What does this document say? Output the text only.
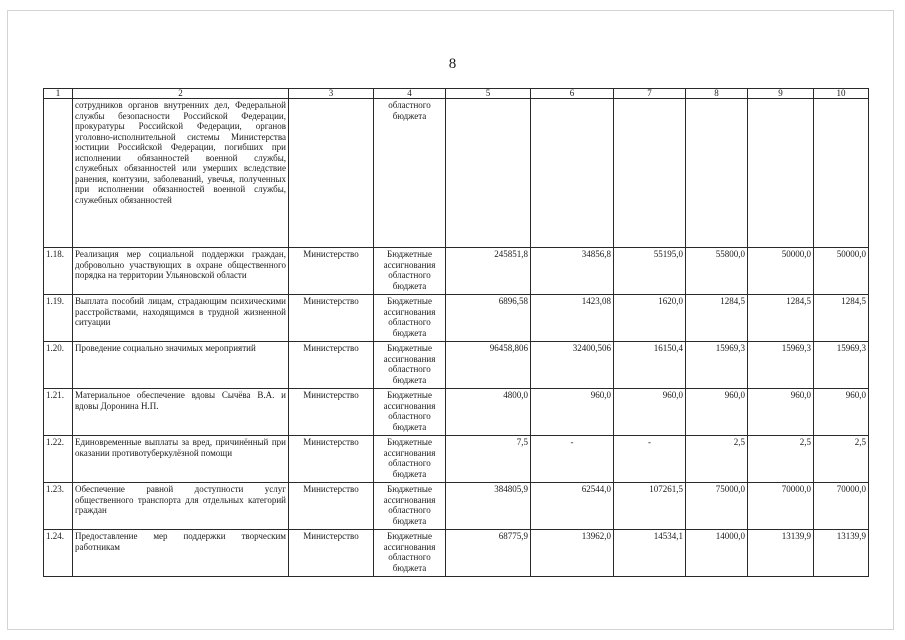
8
1	2	3	4	5	6	7	8	9	10
	сотрудников органов внутренних дел, Федеральной службы безопасности Российской Федерации, прокуратуры Российской Федерации, органов уголовно-исполнительной системы Министерства юстиции Российской Федерации, погибших при исполнении обязанностей военной службы, служебных обязанностей или умерших вследствие ранения, контузии, заболеваний, увечья, полученных при исполнении обязанностей военной службы, служебных обязанностей		областного бюджета						
1.18.	Реализация мер социальной поддержки граждан, добровольно участвующих в охране общественного порядка на территории Ульяновской области	Министерство	Бюджетные ассигнования областного бюджета	245851,8	34856,8	55195,0	55800,0	50000,0	50000,0
1.19.	Выплата пособий лицам, страдающим психическими расстройствами, находящимся в трудной жизненной ситуации	Министерство	Бюджетные ассигнования областного бюджета	6896,58	1423,08	1620,0	1284,5	1284,5	1284,5
1.20.	Проведение социально значимых мероприятий	Министерство	Бюджетные ассигнования областного бюджета	96458,806	32400,506	16150,4	15969,3	15969,3	15969,3
1.21.	Материальное обеспечение вдовы Сычёва В.А. и вдовы Доронина Н.П.	Министерство	Бюджетные ассигнования областного бюджета	4800,0	960,0	960,0	960,0	960,0	960,0
1.22.	Единовременные выплаты за вред, причинённый при оказании противотуберкулёзной помощи	Министерство	Бюджетные ассигнования областного бюджета	7,5	-	-	2,5	2,5	2,5
1.23.	Обеспечение равной доступности услуг общественного транспорта для отдельных категорий граждан	Министерство	Бюджетные ассигнования областного бюджета	384805,9	62544,0	107261,5	75000,0	70000,0	70000,0
1.24.	Предоставление мер поддержки творческим работникам	Министерство	Бюджетные ассигнования областного бюджета	68775,9	13962,0	14534,1	14000,0	13139,9	13139,9
